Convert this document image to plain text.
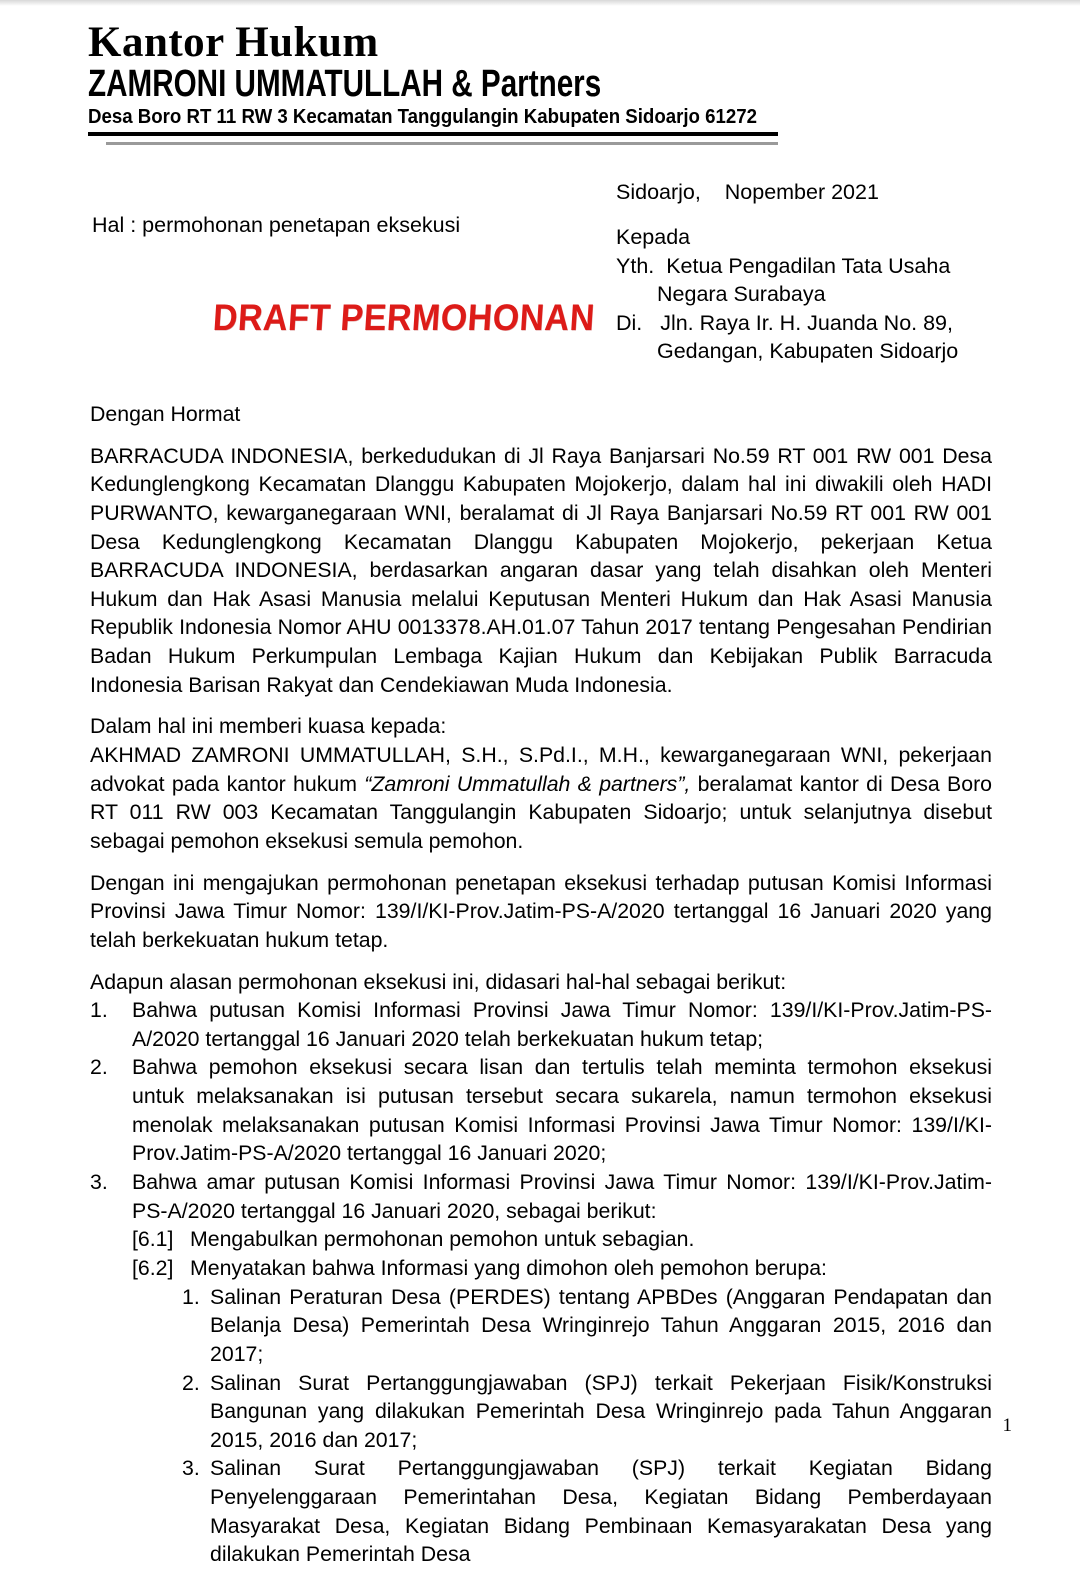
Kantor Hukum
ZAMRONI UMMATULLAH & Partners
Desa Boro RT 11 RW 3 Kecamatan Tanggulangin Kabupaten Sidoarjo 61272
Hal : permohonan penetapan eksekusi
DRAFT PERMOHONAN
Sidoarjo,    Nopember 2021
Kepada
Yth.  Ketua Pengadilan Tata Usaha
Negara Surabaya
Di.   Jln. Raya Ir. H. Juanda No. 89,
Gedangan, Kabupaten Sidoarjo

Dengan Hormat

BARRACUDA INDONESIA, berkedudukan di Jl Raya Banjarsari No.59 RT 001 RW 001 Desa Kedunglengkong Kecamatan Dlanggu Kabupaten Mojokerjo, dalam hal ini diwakili oleh HADI PURWANTO, kewarganegaraan WNI, beralamat di Jl Raya Banjarsari No.59 RT 001 RW 001 Desa Kedunglengkong Kecamatan Dlanggu Kabupaten Mojokerjo, pekerjaan Ketua BARRACUDA INDONESIA, berdasarkan angaran dasar yang telah disahkan oleh Menteri Hukum dan Hak Asasi Manusia melalui Keputusan Menteri Hukum dan Hak Asasi Manusia Republik Indonesia Nomor AHU 0013378.AH.01.07 Tahun 2017 tentang Pengesahan Pendirian Badan Hukum Perkumpulan Lembaga Kajian Hukum dan Kebijakan Publik Barracuda Indonesia Barisan Rakyat dan Cendekiawan Muda Indonesia.

Dalam hal ini memberi kuasa kepada:

AKHMAD ZAMRONI UMMATULLAH, S.H., S.Pd.I., M.H., kewarganegaraan WNI, pekerjaan advokat pada kantor hukum “Zamroni Ummatullah & partners”, beralamat kantor di Desa Boro RT 011 RW 003 Kecamatan Tanggulangin Kabupaten Sidoarjo; untuk selanjutnya disebut sebagai pemohon eksekusi semula pemohon.

Dengan ini mengajukan permohonan penetapan eksekusi terhadap putusan Komisi Informasi Provinsi Jawa Timur Nomor: 139/I/KI-Prov.Jatim-PS-A/2020 tertanggal 16 Januari 2020 yang telah berkekuatan hukum tetap.

Adapun alasan permohonan eksekusi ini, didasari hal-hal sebagai berikut:

1.	Bahwa putusan Komisi Informasi Provinsi Jawa Timur Nomor: 139/I/KI-Prov.Jatim-PS-A/2020 tertanggal 16 Januari 2020 telah berkekuatan hukum tetap;
2.	Bahwa pemohon eksekusi secara lisan dan tertulis telah meminta termohon eksekusi untuk melaksanakan isi putusan tersebut secara sukarela, namun termohon eksekusi menolak melaksanakan putusan Komisi Informasi Provinsi Jawa Timur Nomor: 139/I/KI-Prov.Jatim-PS-A/2020 tertanggal 16 Januari 2020;
3.	Bahwa amar putusan Komisi Informasi Provinsi Jawa Timur Nomor: 139/I/KI-Prov.Jatim-PS-A/2020 tertanggal 16 Januari 2020, sebagai berikut:
[6.1] Mengabulkan permohonan pemohon untuk sebagian.
[6.2] Menyatakan bahwa Informasi yang dimohon oleh pemohon berupa:
1. Salinan Peraturan Desa (PERDES) tentang APBDes (Anggaran Pendapatan dan Belanja Desa) Pemerintah Desa Wringinrejo Tahun Anggaran 2015, 2016 dan 2017;
2. Salinan Surat Pertanggungjawaban (SPJ) terkait Pekerjaan Fisik/Konstruksi Bangunan yang dilakukan Pemerintah Desa Wringinrejo pada Tahun Anggaran 2015, 2016 dan 2017;
3. Salinan Surat Pertanggungjawaban (SPJ) terkait Kegiatan Bidang Penyelenggaraan Pemerintahan Desa, Kegiatan Bidang Pemberdayaan Masyarakat Desa, Kegiatan Bidang Pembinaan Kemasyarakatan Desa yang dilakukan Pemerintah Desa
1
